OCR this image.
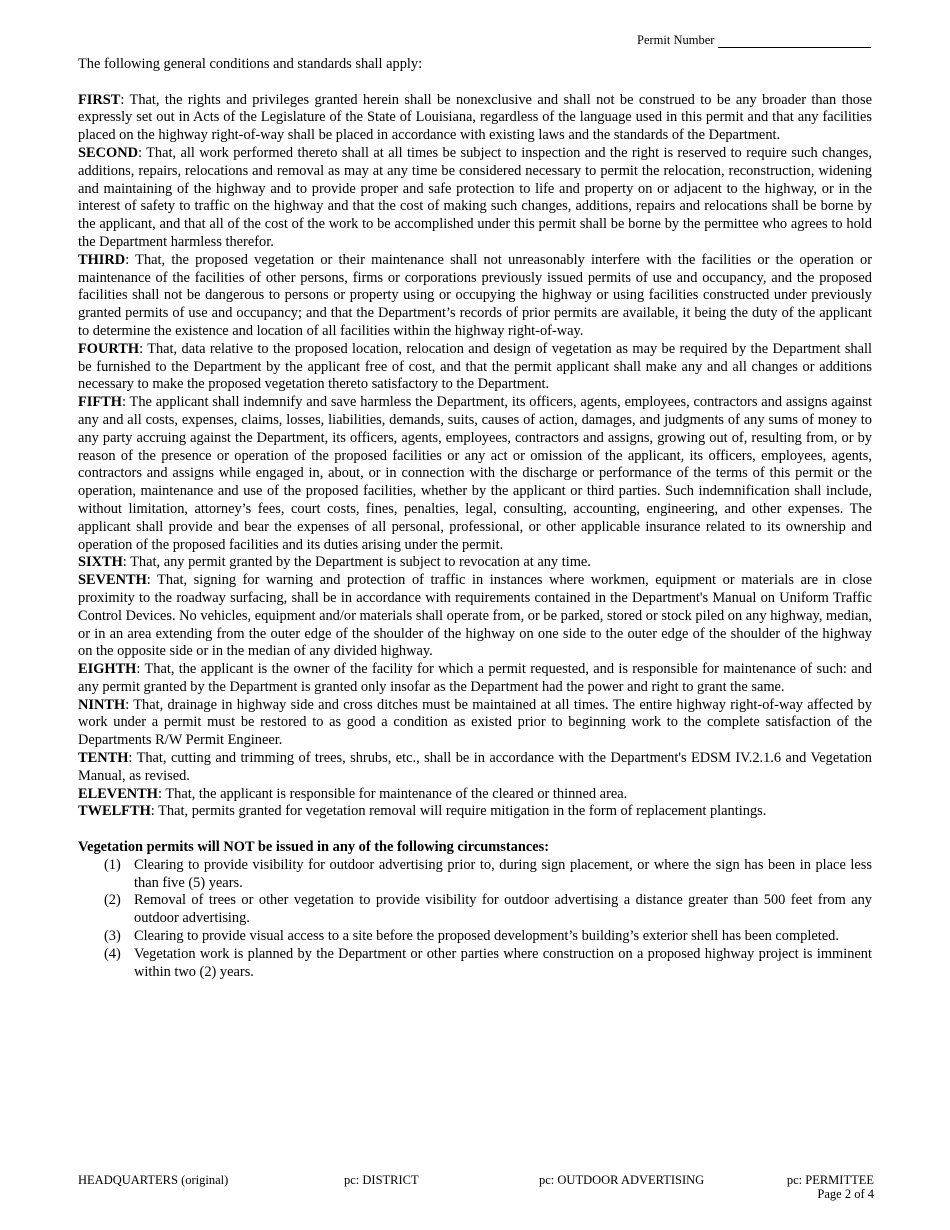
Permit Number

The following general conditions and standards shall apply:

FIRST: That, the rights and privileges granted herein shall be nonexclusive and shall not be construed to be any broader than those expressly set out in Acts of the Legislature of the State of Louisiana, regardless of the language used in this permit and that any facilities placed on the highway right-of-way shall be placed in accordance with existing laws and the standards of the Department.

SECOND: That, all work performed thereto shall at all times be subject to inspection and the right is reserved to require such changes, additions, repairs, relocations and removal as may at any time be considered necessary to permit the relocation, reconstruction, widening and maintaining of the highway and to provide proper and safe protection to life and property on or adjacent to the highway, or in the interest of safety to traffic on the highway and that the cost of making such changes, additions, repairs and relocations shall be borne by the applicant, and that all of the cost of the work to be accomplished under this permit shall be borne by the permittee who agrees to hold the Department harmless therefor.

THIRD: That, the proposed vegetation or their maintenance shall not unreasonably interfere with the facilities or the operation or maintenance of the facilities of other persons, firms or corporations previously issued permits of use and occupancy, and the proposed facilities shall not be dangerous to persons or property using or occupying the highway or using facilities constructed under previously granted permits of use and occupancy; and that the Department’s records of prior permits are available, it being the duty of the applicant to determine the existence and location of all facilities within the highway right-of-way.

FOURTH: That, data relative to the proposed location, relocation and design of vegetation as may be required by the Department shall be furnished to the Department by the applicant free of cost, and that the permit applicant shall make any and all changes or additions necessary to make the proposed vegetation thereto satisfactory to the Department.

FIFTH: The applicant shall indemnify and save harmless the Department, its officers, agents, employees, contractors and assigns against any and all costs, expenses, claims, losses, liabilities, demands, suits, causes of action, damages, and judgments of any sums of money to any party accruing against the Department, its officers, agents, employees, contractors and assigns, growing out of, resulting from, or by reason of the presence or operation of the proposed facilities or any act or omission of the applicant, its officers, employees, agents, contractors and assigns while engaged in, about, or in connection with the discharge or performance of the terms of this permit or the operation, maintenance and use of the proposed facilities, whether by the applicant or third parties. Such indemnification shall include, without limitation, attorney’s fees, court costs, fines, penalties, legal, consulting, accounting, engineering, and other expenses. The applicant shall provide and bear the expenses of all personal, professional, or other applicable insurance related to its ownership and operation of the proposed facilities and its duties arising under the permit.

SIXTH: That, any permit granted by the Department is subject to revocation at any time.

SEVENTH: That, signing for warning and protection of traffic in instances where workmen, equipment or materials are in close proximity to the roadway surfacing, shall be in accordance with requirements contained in the Department's Manual on Uniform Traffic Control Devices. No vehicles, equipment and/or materials shall operate from, or be parked, stored or stock piled on any highway, median, or in an area extending from the outer edge of the shoulder of the highway on one side to the outer edge of the shoulder of the highway on the opposite side or in the median of any divided highway.

EIGHTH: That, the applicant is the owner of the facility for which a permit requested, and is responsible for maintenance of such: and any permit granted by the Department is granted only insofar as the Department had the power and right to grant the same.

NINTH: That, drainage in highway side and cross ditches must be maintained at all times. The entire highway right-of-way affected by work under a permit must be restored to as good a condition as existed prior to beginning work to the complete satisfaction of the Departments R/W Permit Engineer.

TENTH: That, cutting and trimming of trees, shrubs, etc., shall be in accordance with the Department's EDSM IV.2.1.6 and Vegetation Manual, as revised.

ELEVENTH: That, the applicant is responsible for maintenance of the cleared or thinned area.

TWELFTH: That, permits granted for vegetation removal will require mitigation in the form of replacement plantings.

Vegetation permits will NOT be issued in any of the following circumstances:

(1) Clearing to provide visibility for outdoor advertising prior to, during sign placement, or where the sign has been in place less than five (5) years.
(2) Removal of trees or other vegetation to provide visibility for outdoor advertising a distance greater than 500 feet from any outdoor advertising.
(3) Clearing to provide visual access to a site before the proposed development’s building’s exterior shell has been completed.
(4) Vegetation work is planned by the Department or other parties where construction on a proposed highway project is imminent within two (2) years.
HEADQUARTERS (original)	pc: DISTRICT	pc: OUTDOOR ADVERTISING	pc: PERMITTEE
Page 2 of 4
